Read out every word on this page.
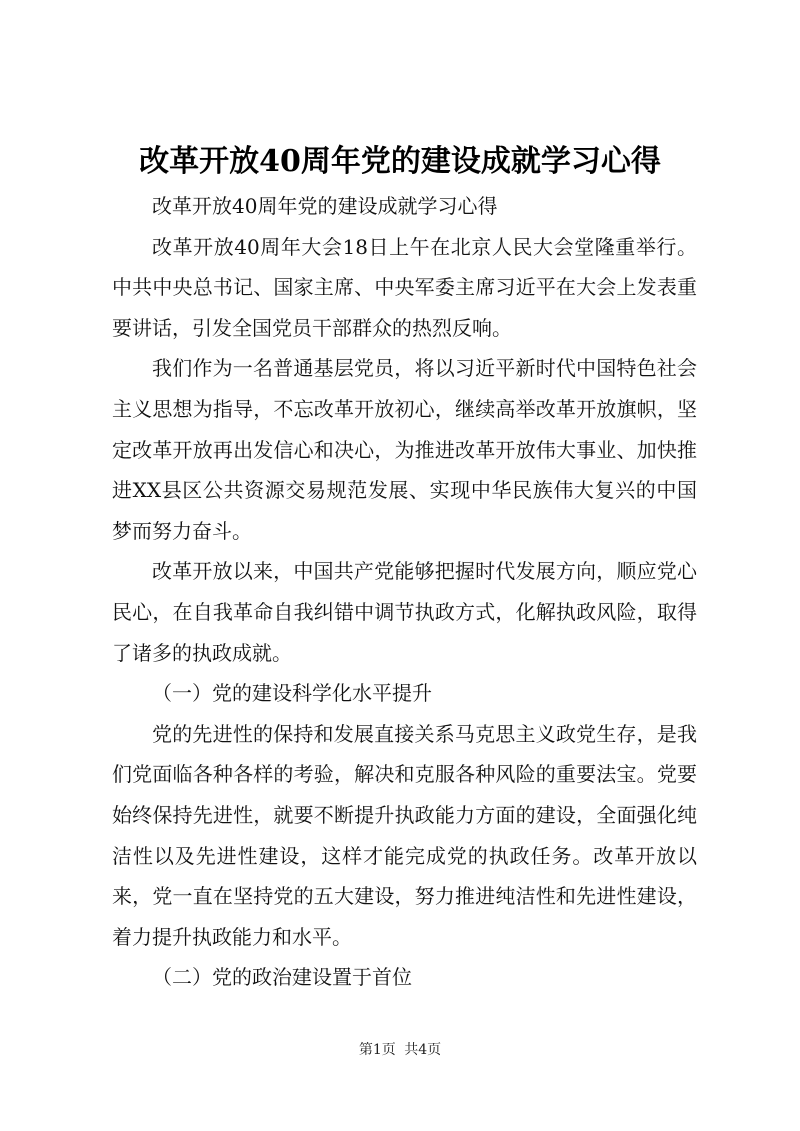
改革开放40周年党的建设成就学习心得

改革开放40周年党的建设成就学习心得

改革开放40周年大会18日上午在北京人民大会堂隆重举行。中共中央总书记、国家主席、中央军委主席习近平在大会上发表重要讲话，引发全国党员干部群众的热烈反响。

我们作为一名普通基层党员，将以习近平新时代中国特色社会主义思想为指导，不忘改革开放初心，继续高举改革开放旗帜，坚定改革开放再出发信心和决心，为推进改革开放伟大事业、加快推进XX县区公共资源交易规范发展、实现中华民族伟大复兴的中国梦而努力奋斗。

改革开放以来，中国共产党能够把握时代发展方向，顺应党心民心，在自我革命自我纠错中调节执政方式，化解执政风险，取得了诸多的执政成就。

（一）党的建设科学化水平提升

党的先进性的保持和发展直接关系马克思主义政党生存，是我们党面临各种各样的考验，解决和克服各种风险的重要法宝。党要始终保持先进性，就要不断提升执政能力方面的建设，全面强化纯洁性以及先进性建设，这样才能完成党的执政任务。改革开放以来，党一直在坚持党的五大建设，努力推进纯洁性和先进性建设，着力提升执政能力和水平。

（二）党的政治建设置于首位

第1页 共4页
